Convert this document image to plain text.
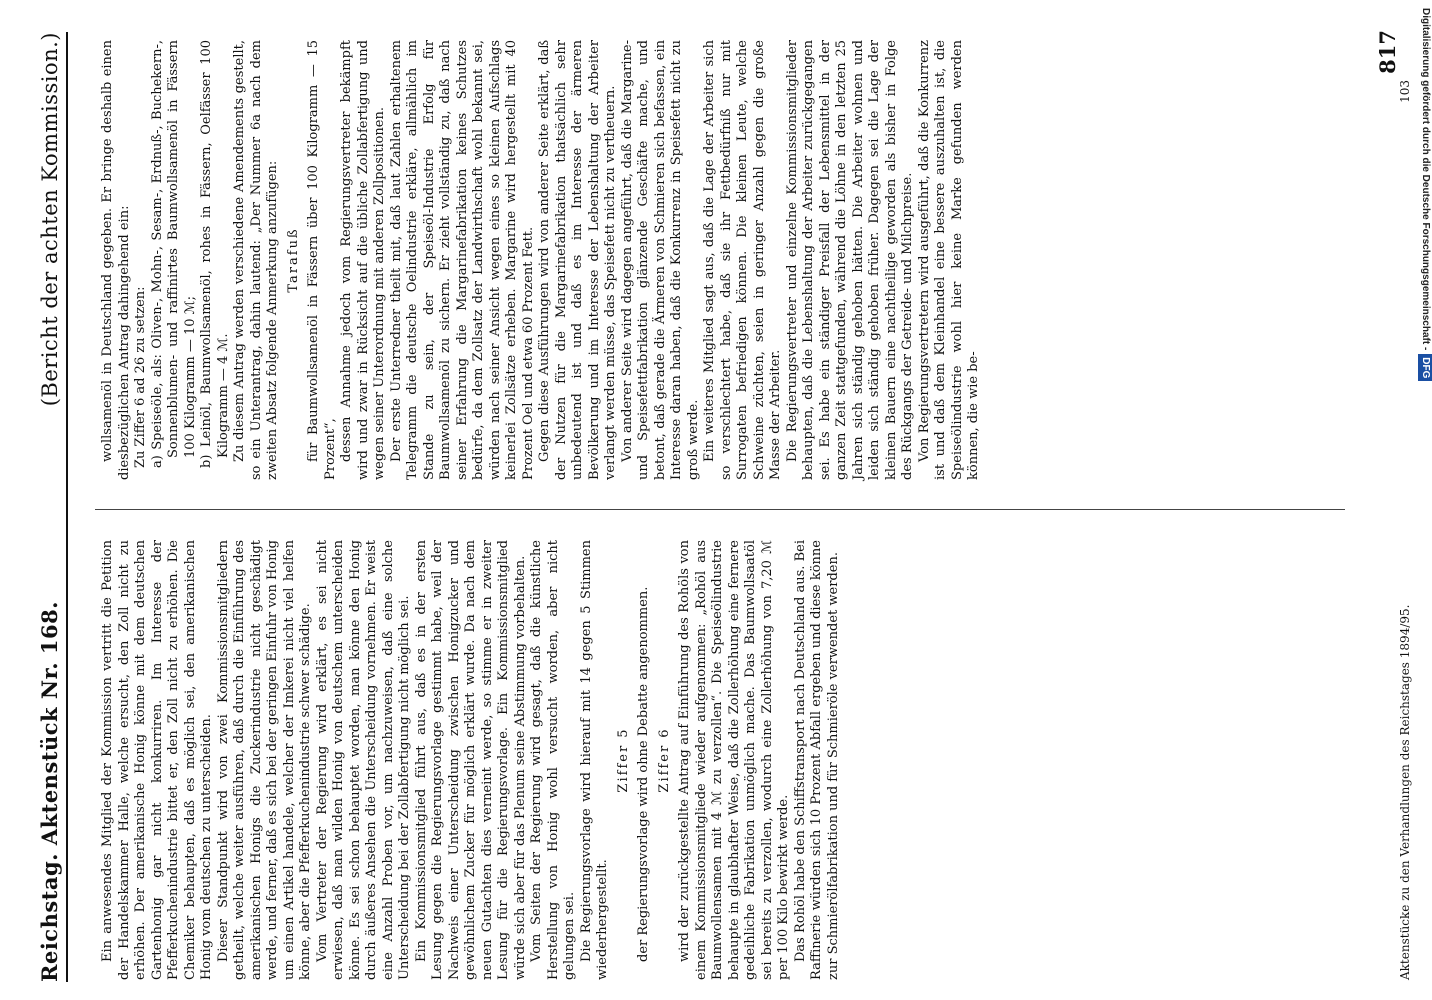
Reichstag. Aktenstück Nr. 168.
(Bericht der achten Kommission.)

Ein anwesendes Mitglied der Kommission vertritt die Petition der Handelskammer Halle, welche ersucht, den Zoll nicht zu erhöhen. Der amerikanische Honig könne mit dem deutschen Gartenhonig gar nicht konkurriren. Im Interesse der Pfefferkuchenindustrie bittet er, den Zoll nicht zu erhöhen. Die Chemiker behaupten, daß es möglich sei, den amerikanischen Honig vom deutschen zu unterscheiden. Dieser Standpunkt wird von zwei Kommissionsmitgliedern getheilt, welche weiter ausführen, daß durch die Einführung des amerikanischen Honigs die Zuckerindustrie nicht geschädigt werde, und ferner, daß es sich bei der geringen Einfuhr von Honig um einen Artikel handele, welcher der Imkerei nicht viel helfen könne, aber die Pfefferkuchenindustrie schwer schädige. Vom Vertreter der Regierung wird erklärt, es sei nicht erwiesen, daß man wilden Honig von deutschem unterscheiden könne. Es sei schon behauptet worden, man könne den Honig durch äußeres Ansehen die Unterscheidung vornehmen. Er weist eine Anzahl Proben vor, um nachzuweisen, daß eine solche Unterscheidung bei der Zollabfertigung nicht möglich sei. Ein Kommissionsmitglied führt aus, daß es in der ersten Lesung gegen die Regierungsvorlage gestimmt habe, weil der Nachweis einer Unterscheidung zwischen Honigzucker und gewöhnlichem Zucker für möglich erklärt wurde. Da nach dem neuen Gutachten dies verneint werde, so stimme er in zweiter Lesung für die Regierungsvorlage. Ein Kommissionsmitglied würde sich aber für das Plenum seine Abstimmung vorbehalten. Vom Seiten der Regierung wird gesagt, daß die künstliche Herstellung von Honig wohl versucht worden, aber nicht gelungen sei. Die Regierungsvorlage wird hierauf mit 14 gegen 5 Stimmen wiederhergestellt.

Ziffer 5 der Regierungsvorlage wird ohne Debatte angenommen. Ziffer 6 wird der zurückgestellte Antrag auf Einführung des Rohöls von einem Kommissionsmitgliede wieder aufgenommen: „Rohöl aus Baumwollensamen mit 4 ℳ zu verzollen“. Die Speiseölindustrie behaupte in glaubhafter Weise, daß die Zollerhöhung eine fernere gedeihliche Fabrikation unmöglich mache. Das Baumwollsaatöl sei bereits zu verzollen, wodurch eine Zollerhöhung von 7,20 ℳ per 100 Kilo bewirkt werde. Das Rohöl habe den Schiffstransport nach Deutschland aus. Bei Raffinerie würden sich 10 Prozent Abfall ergeben und diese könne zur Schmierölfabrikation und für Schmieröle verwendet werden.

wollsamenöl in Deutschland gegeben. Er bringe deshalb einen diesbezüglichen Antrag dahingehend ein: Zu Ziffer 6 ad 26 zu setzen: a) Speiseöle, als: Oliven-, Mohn-, Sesam-, Erdnuß-, Buchekern-, Sonnenblumen- und raffinirtes Baumwollsamenöl in Fässern 100 Kilogramm — 10 ℳ; b) Leinöl, Baumwollsamenöl, rohes in Fässern, Oelfässer 100 Kilogramm — 4 ℳ. Zu diesem Antrag werden verschiedene Amendements gestellt, so ein Unterantrag, dahin lautend: „Der Nummer 6a nach dem zweiten Absatz folgende Anmerkung anzufügen: Tarafuß für Baumwollsamenöl in Fässern über 100 Kilogramm — 15 Prozent“, dessen Annahme jedoch vom Regierungsvertreter bekämpft wird und zwar in Rücksicht auf die übliche Zollabfertigung und wegen seiner Unterordnung mit anderen Zollpositionen. Der erste Unterredner theilt mit, daß laut Zahlen erhaltenem Telegramm die deutsche Oelindustrie erkläre, allmählich im Stande zu sein, der Speiseöl-Industrie Erfolg für Baumwollsamenöl zu sichern. Er zieht vollständig zu, daß nach seiner Erfahrung die Margarinefabrikation keines Schutzes bedürfe, da dem Zollsatz der Landwirthschaft wohl bekannt sei, würden nach seiner Ansicht wegen eines so kleinen Aufschlags keinerlei Zollsätze erheben. Margarine wird hergestellt mit 40 Prozent Oel und etwa 60 Prozent Fett. Gegen diese Ausführungen wird von anderer Seite erklärt, daß der Nutzen für die Margarinefabrikation thatsächlich sehr unbedeutend ist und daß es im Interesse der ärmeren Bevölkerung und im Interesse der Lebenshaltung der Arbeiter verlangt werden müsse, das Speisefett nicht zu vertheuern. Von anderer Seite wird dagegen angeführt, daß die Margarine- und Speisefettfabrikation glänzende Geschäfte mache, und betont, daß gerade die Ärmeren von Schmieren sich befassen, ein Interesse daran haben, daß die Konkurrenz in Speisefett nicht zu groß werde. Ein weiteres Mitglied sagt aus, daß die Lage der Arbeiter sich so verschlechtert habe, daß sie ihr Fettbedürfniß nur mit Surrogaten befriedigen können. Die kleinen Leute, welche Schweine züchten, seien in geringer Anzahl gegen die große Masse der Arbeiter. Die Regierungsvertreter und einzelne Kommissionsmitglieder behaupten, daß die Lebenshaltung der Arbeiter zurückgegangen sei. Es habe ein ständiger Preisfall der Lebensmittel in der ganzen Zeit stattgefunden, während die Löhne in den letzten 25 Jahren sich ständig gehoben hätten. Die Arbeiter wohnen und leiden sich ständig gehoben früher. Dagegen sei die Lage der kleinen Bauern eine nachtheilige geworden als bisher in Folge des Rückgangs der Getreide- und Milchpreise. Von Regierungsvertretern wird ausgeführt, daß die Konkurrenz ist und daß dem Kleinhandel eine bessere auszuhalten ist, die Speiseölindustrie wohl hier keine Marke gefunden werden können, die wie be-

817
Aktenstücke zu den Verhandlungen des Reichstages 1894/95.
103 Digitalisierung gefördert durch die Deutsche Forschungsgemeinschaft -DFG
